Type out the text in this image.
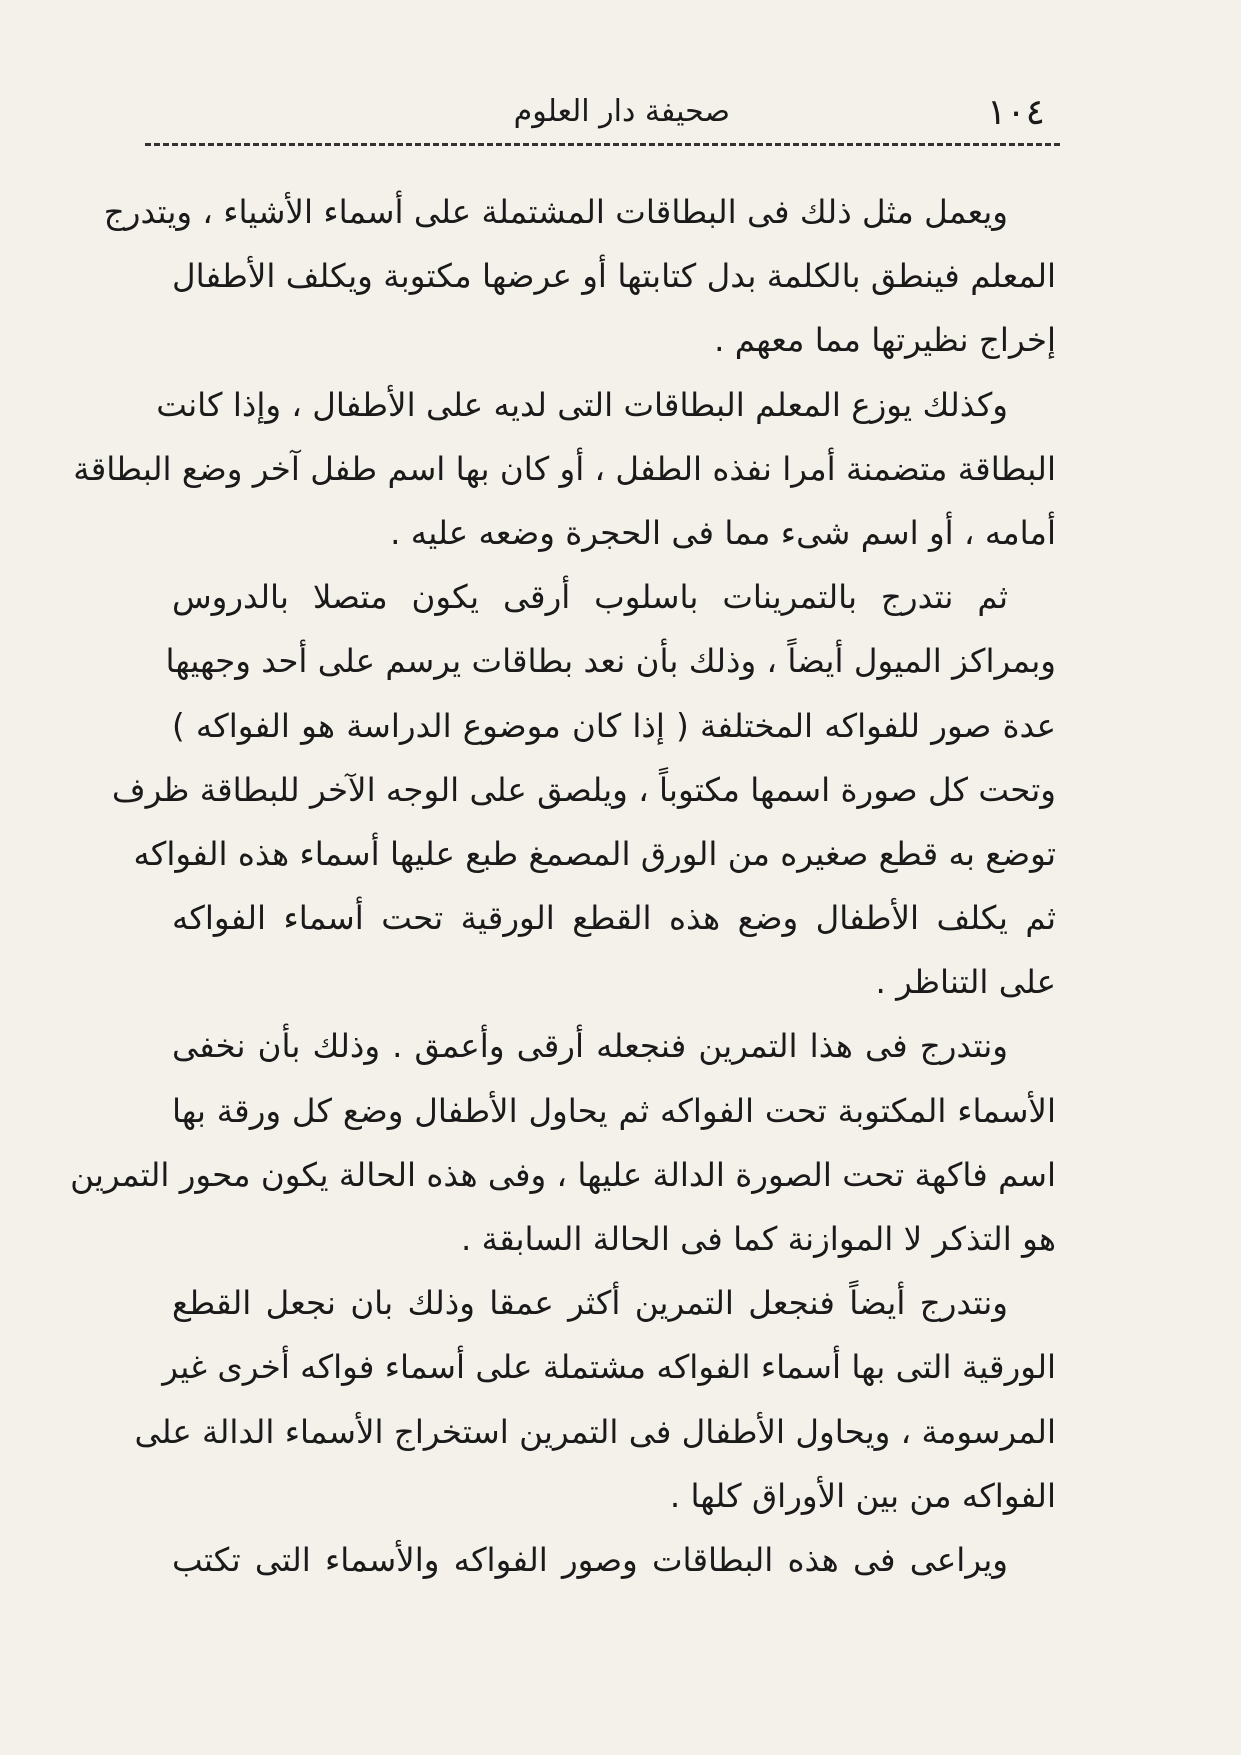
١٠٤
صحيفة دار العلوم

ويعمل مثل ذلك فى البطاقات المشتملة على أسماء الأشياء ، ويتدرج
المعلم فينطق بالكلمة بدل كتابتها أو عرضها مكتوبة ويكلف الأطفال
إخراج نظيرتها مما معهم .

وكذلك يوزع المعلم البطاقات التى لديه على الأطفال ، وإذا كانت
البطاقة متضمنة أمرا نفذه الطفل ، أو كان بها اسم طفل آخر وضع البطاقة
أمامه ، أو اسم شىء مما فى الحجرة وضعه عليه .

ثم نتدرج بالتمرينات باسلوب أرقى يكون متصلا بالدروس
وبمراكز الميول أيضاً ، وذلك بأن نعد بطاقات يرسم على أحد وجهيها
عدة صور للفواكه المختلفة ( إذا كان موضوع الدراسة هو الفواكه )
وتحت كل صورة اسمها مكتوباً ، ويلصق على الوجه الآخر للبطاقة ظرف
توضع به قطع صغيره من الورق المصمغ طبع عليها أسماء هذه الفواكه
ثم يكلف الأطفال وضع هذه القطع الورقية تحت أسماء الفواكه
على التناظر .

ونتدرج فى هذا التمرين فنجعله أرقى وأعمق . وذلك بأن نخفى
الأسماء المكتوبة تحت الفواكه ثم يحاول الأطفال وضع كل ورقة بها
اسم فاكهة تحت الصورة الدالة عليها ، وفى هذه الحالة يكون محور التمرين
هو التذكر لا الموازنة كما فى الحالة السابقة .

ونتدرج أيضاً فنجعل التمرين أكثر عمقا وذلك بان نجعل القطع
الورقية التى بها أسماء الفواكه مشتملة على أسماء فواكه أخرى غير
المرسومة ، ويحاول الأطفال فى التمرين استخراج الأسماء الدالة على
الفواكه من بين الأوراق كلها .

ويراعى فى هذه البطاقات وصور الفواكه والأسماء التى تكتب
